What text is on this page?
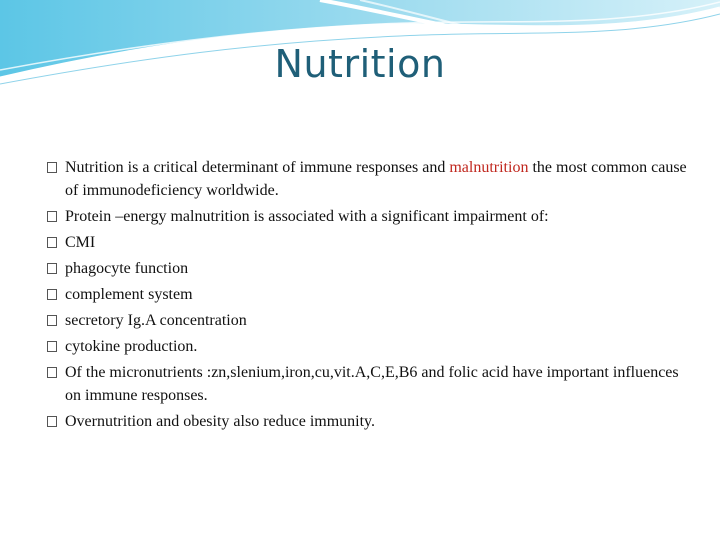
Nutrition
Nutrition is a critical determinant of immune responses and malnutrition the most common cause of immunodeficiency worldwide.
Protein –energy malnutrition is associated with a significant impairment of:
CMI
phagocyte function
complement system
secretory Ig.A concentration
cytokine production.
Of the micronutrients :zn,slenium,iron,cu,vit.A,C,E,B6 and folic acid have important influences on immune responses.
Overnutrition and obesity also reduce immunity.
